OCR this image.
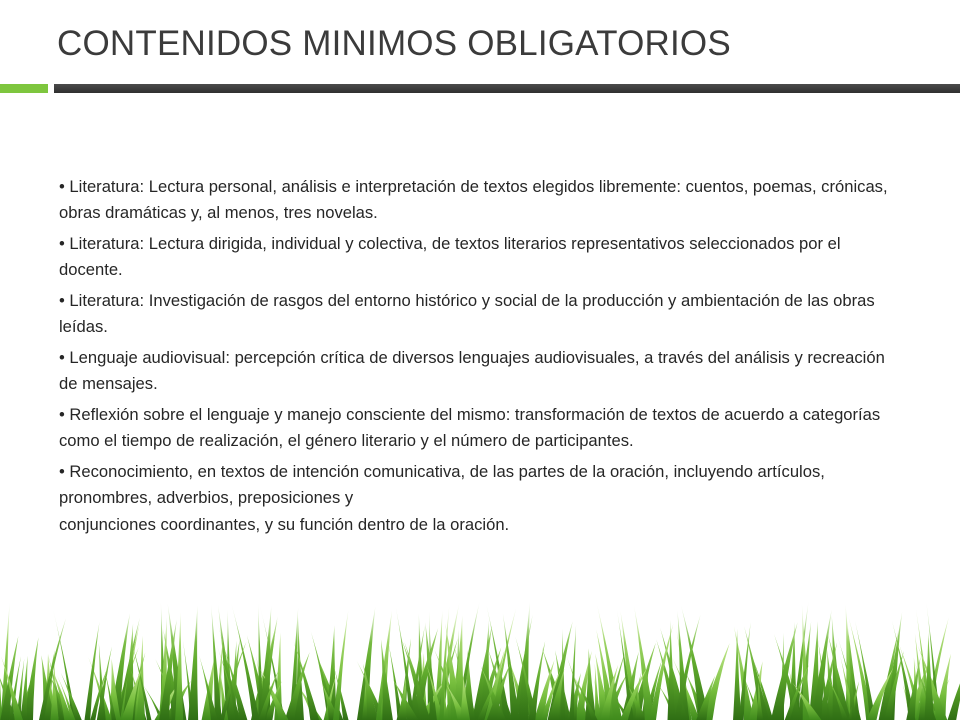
CONTENIDOS MINIMOS OBLIGATORIOS

• Literatura: Lectura personal, análisis e interpretación de textos elegidos libremente: cuentos, poemas, crónicas, obras dramáticas y, al menos, tres novelas.

• Literatura: Lectura dirigida, individual y colectiva, de textos literarios representativos seleccionados por el docente.

• Literatura: Investigación de rasgos del entorno histórico y social de la producción y ambientación de las obras leídas.

• Lenguaje audiovisual: percepción crítica de diversos lenguajes audiovisuales, a través del análisis y recreación de mensajes.

• Reflexión sobre el lenguaje y manejo consciente del mismo: transformación de textos de acuerdo a categorías como el tiempo de realización, el género literario y el número de participantes.

• Reconocimiento, en textos de intención comunicativa, de las partes de la oración, incluyendo artículos, pronombres, adverbios, preposiciones y

conjunciones coordinantes, y su función dentro de la oración.
